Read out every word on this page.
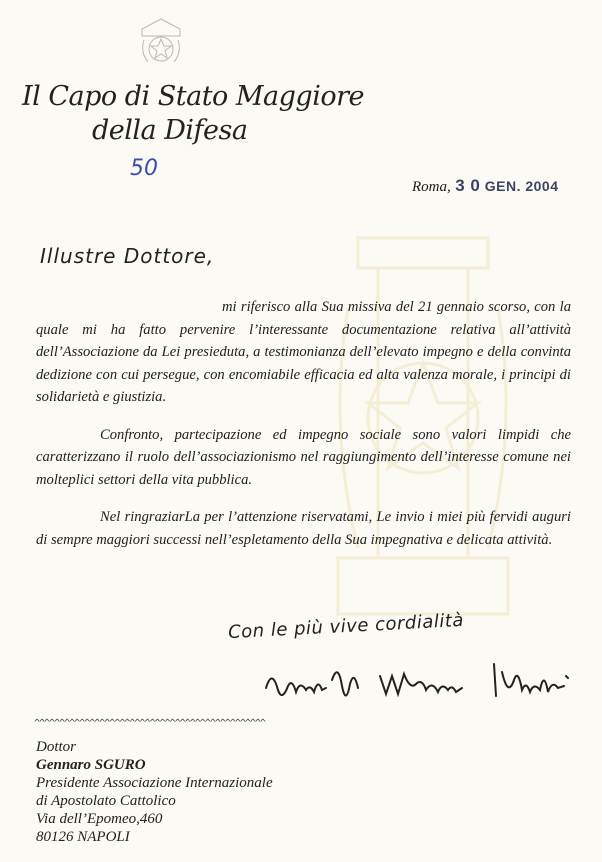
Il Capo di Stato Maggiore
della Difesa
50
Roma, 3 0 GEN. 2004
Illustre Dottore,

mi riferisco alla Sua missiva del 21 gennaio scorso, con la quale mi ha fatto pervenire l’interessante documentazione relativa all’attività dell’Associazione da Lei presieduta, a testimonianza dell’elevato impegno e della convinta dedizione con cui persegue, con encomiabile efficacia ed alta valenza morale, i principi di solidarietà e giustizia.

Confronto, partecipazione ed impegno sociale sono valori limpidi che caratterizzano il ruolo dell’associazionismo nel raggiungimento dell’interesse comune nei molteplici settori della vita pubblica.

Nel ringraziarLa per l’attenzione riservatami, Le invio i miei più fervidi auguri di sempre maggiori successi nell’espletamento della Sua impegnativa e delicata attività.

Con le più vive cordialità
^^^^^^^^^^^^^^^^^^^^^^^^^^^^^^^^^^^^^^^^^^^^^^
Dottor
Gennaro SGURO
Presidente Associazione Internazionale
di Apostolato Cattolico
Via dell’Epomeo,460
80126 NAPOLI
